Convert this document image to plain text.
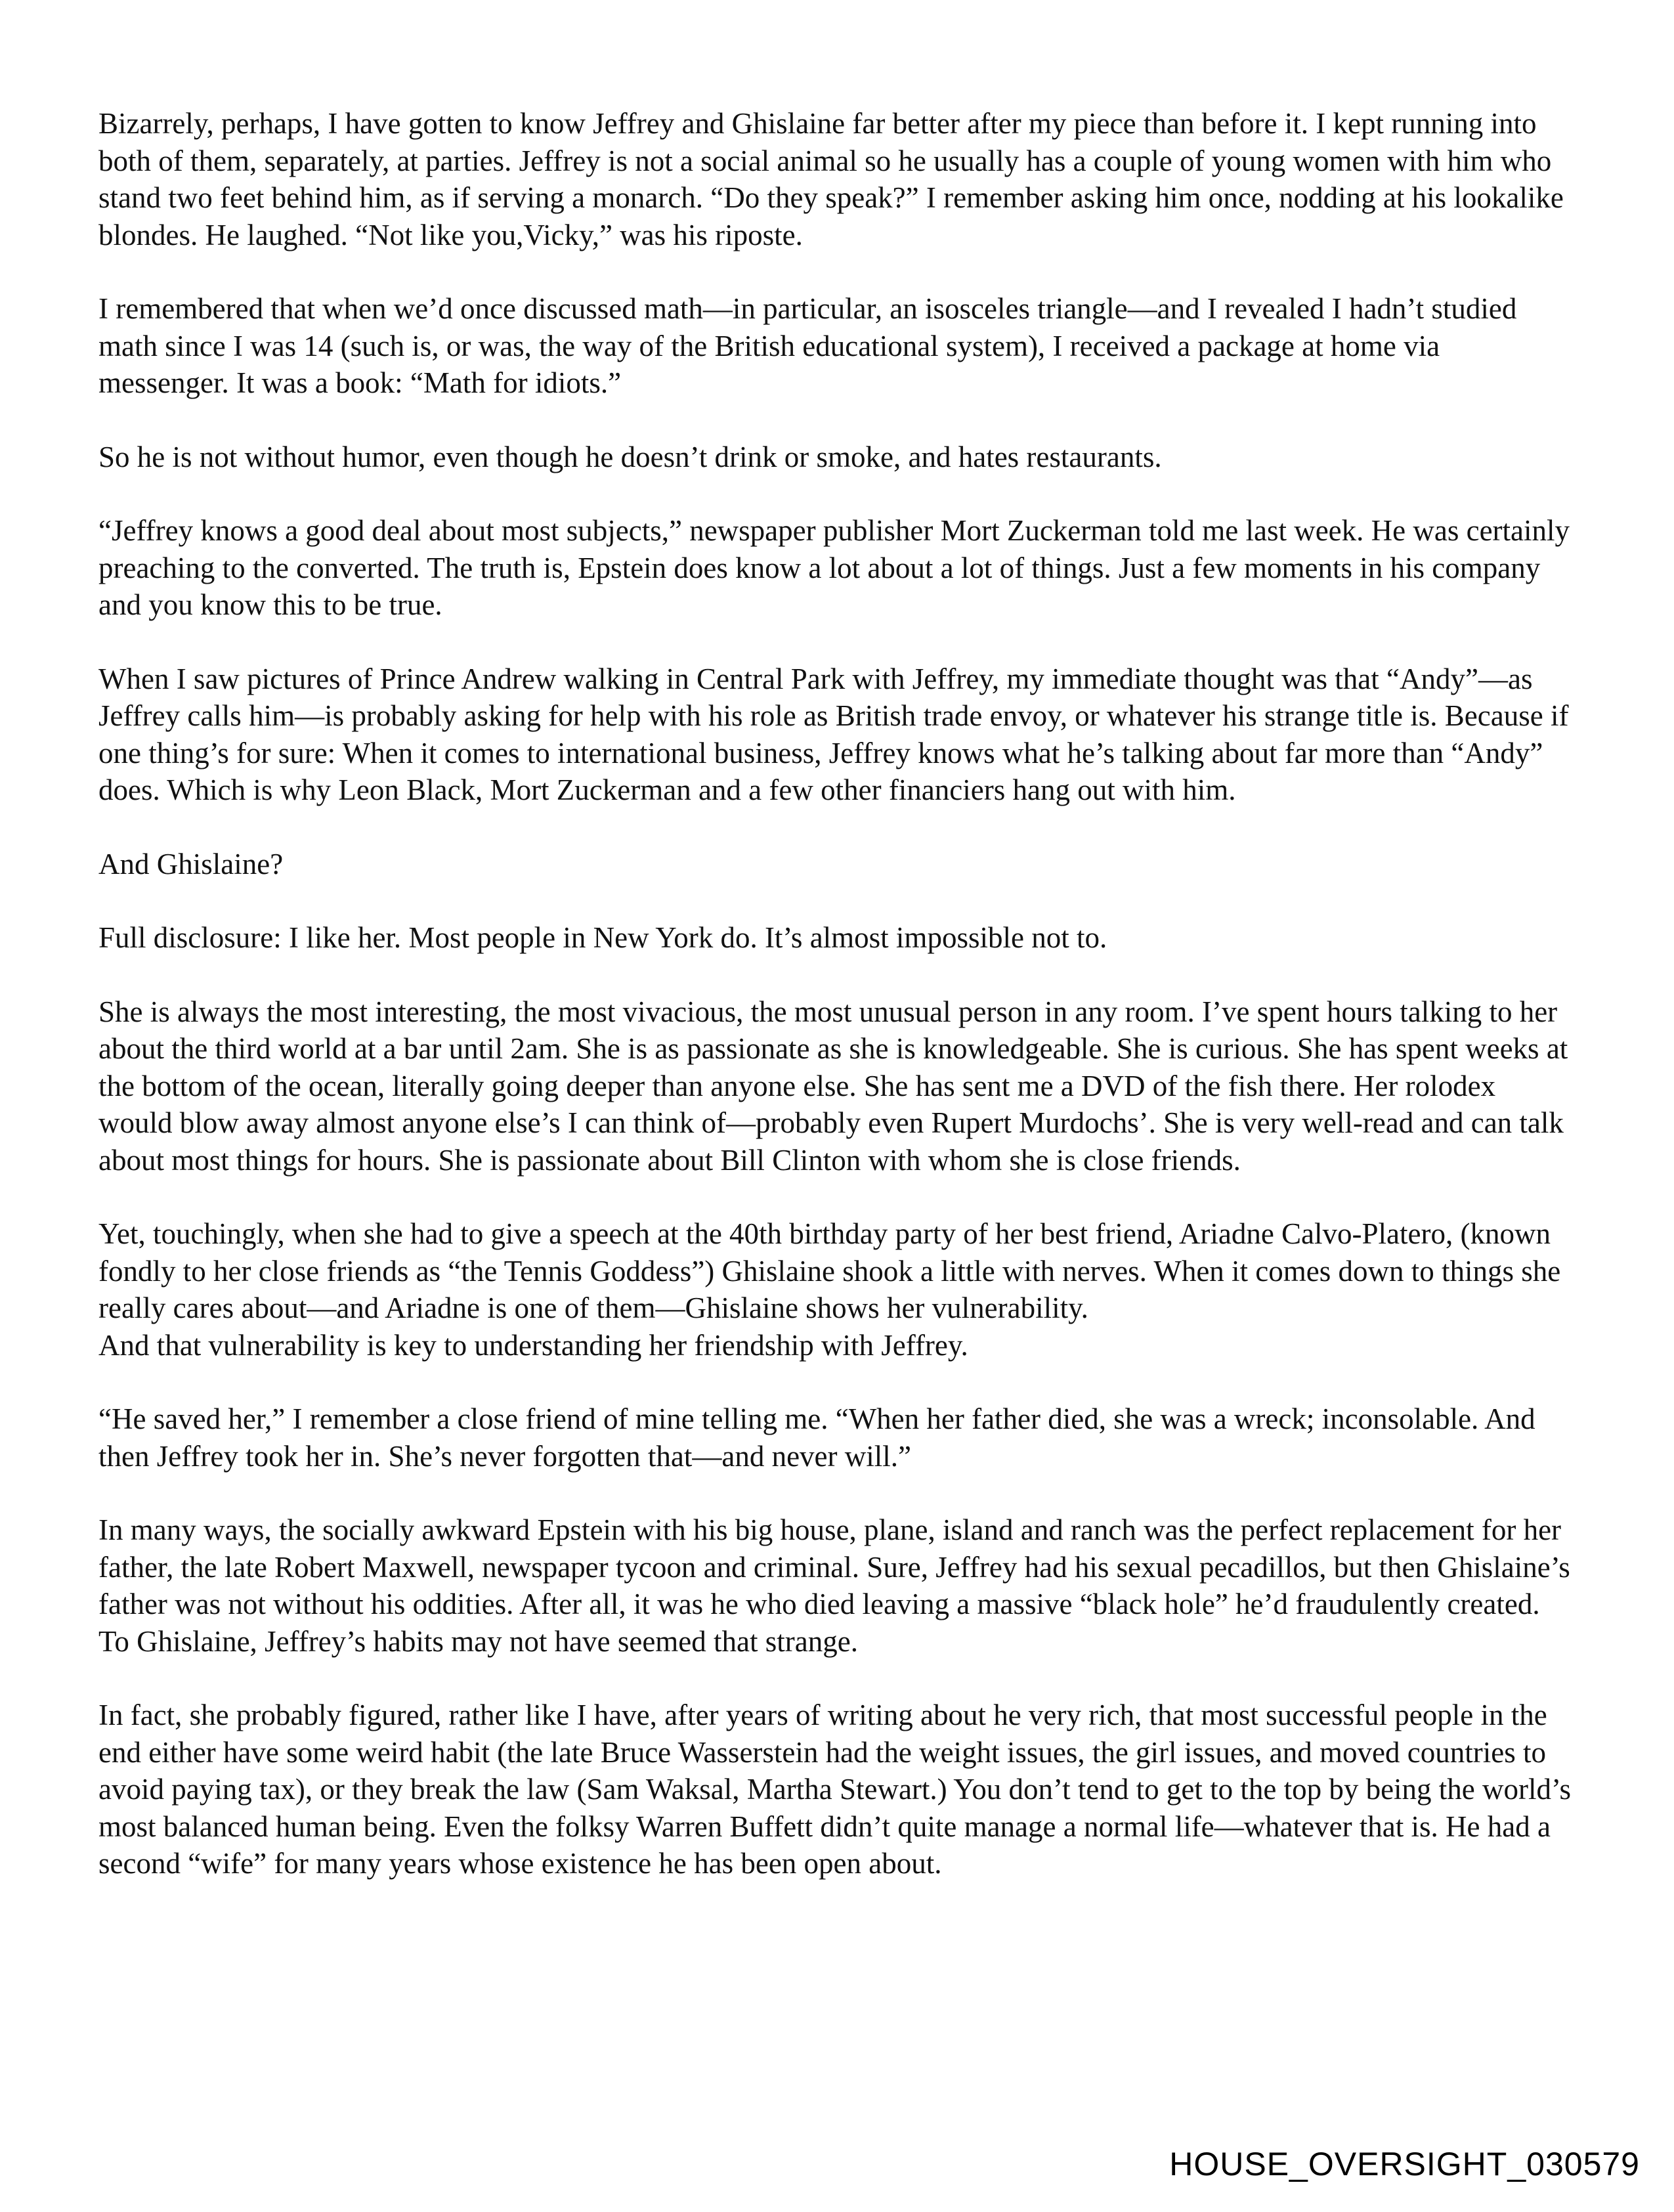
Bizarrely, perhaps, I have gotten to know Jeffrey and Ghislaine far better after my piece than before it. I kept running into both of them, separately, at parties. Jeffrey is not a social animal so he usually has a couple of young women with him who stand two feet behind him, as if serving a monarch. “Do they speak?” I remember asking him once, nodding at his lookalike blondes. He laughed. “Not like you,Vicky,” was his riposte.

I remembered that when we’d once discussed math—in particular, an isosceles triangle—and I revealed I hadn’t studied math since I was 14 (such is, or was, the way of the British educational system), I received a package at home via messenger. It was a book: “Math for idiots.”

So he is not without humor, even though he doesn’t drink or smoke, and hates restaurants.

“Jeffrey knows a good deal about most subjects,” newspaper publisher Mort Zuckerman told me last week. He was certainly preaching to the converted. The truth is, Epstein does know a lot about a lot of things. Just a few moments in his company and you know this to be true.

When I saw pictures of Prince Andrew walking in Central Park with Jeffrey, my immediate thought was that “Andy”—as Jeffrey calls him—is probably asking for help with his role as British trade envoy, or whatever his strange title is. Because if one thing’s for sure: When it comes to international business, Jeffrey knows what he’s talking about far more than “Andy” does. Which is why Leon Black, Mort Zuckerman and a few other financiers hang out with him.

And Ghislaine?

Full disclosure: I like her. Most people in New York do. It’s almost impossible not to.

She is always the most interesting, the most vivacious, the most unusual person in any room. I’ve spent hours talking to her about the third world at a bar until 2am. She is as passionate as she is knowledgeable. She is curious. She has spent weeks at the bottom of the ocean, literally going deeper than anyone else. She has sent me a DVD of the fish there. Her rolodex would blow away almost anyone else’s I can think of—probably even Rupert Murdochs’. She is very well-read and can talk about most things for hours. She is passionate about Bill Clinton with whom she is close friends.

Yet, touchingly, when she had to give a speech at the 40th birthday party of her best friend, Ariadne Calvo-Platero, (known fondly to her close friends as “the Tennis Goddess”) Ghislaine shook a little with nerves. When it comes down to things she really cares about—and Ariadne is one of them—Ghislaine shows her vulnerability.

And that vulnerability is key to understanding her friendship with Jeffrey.

“He saved her,” I remember a close friend of mine telling me. “When her father died, she was a wreck; inconsolable. And then Jeffrey took her in. She’s never forgotten that—and never will.”

In many ways, the socially awkward Epstein with his big house, plane, island and ranch was the perfect replacement for her father, the late Robert Maxwell, newspaper tycoon and criminal. Sure, Jeffrey had his sexual pecadillos, but then Ghislaine’s father was not without his oddities. After all, it was he who died leaving a massive “black hole” he’d fraudulently created. To Ghislaine, Jeffrey’s habits may not have seemed that strange.

In fact, she probably figured, rather like I have, after years of writing about he very rich, that most successful people in the end either have some weird habit (the late Bruce Wasserstein had the weight issues, the girl issues, and moved countries to avoid paying tax), or they break the law (Sam Waksal, Martha Stewart.) You don’t tend to get to the top by being the world’s most balanced human being. Even the folksy Warren Buffett didn’t quite manage a normal life—whatever that is. He had a second “wife” for many years whose existence he has been open about.

HOUSE_OVERSIGHT_030579
